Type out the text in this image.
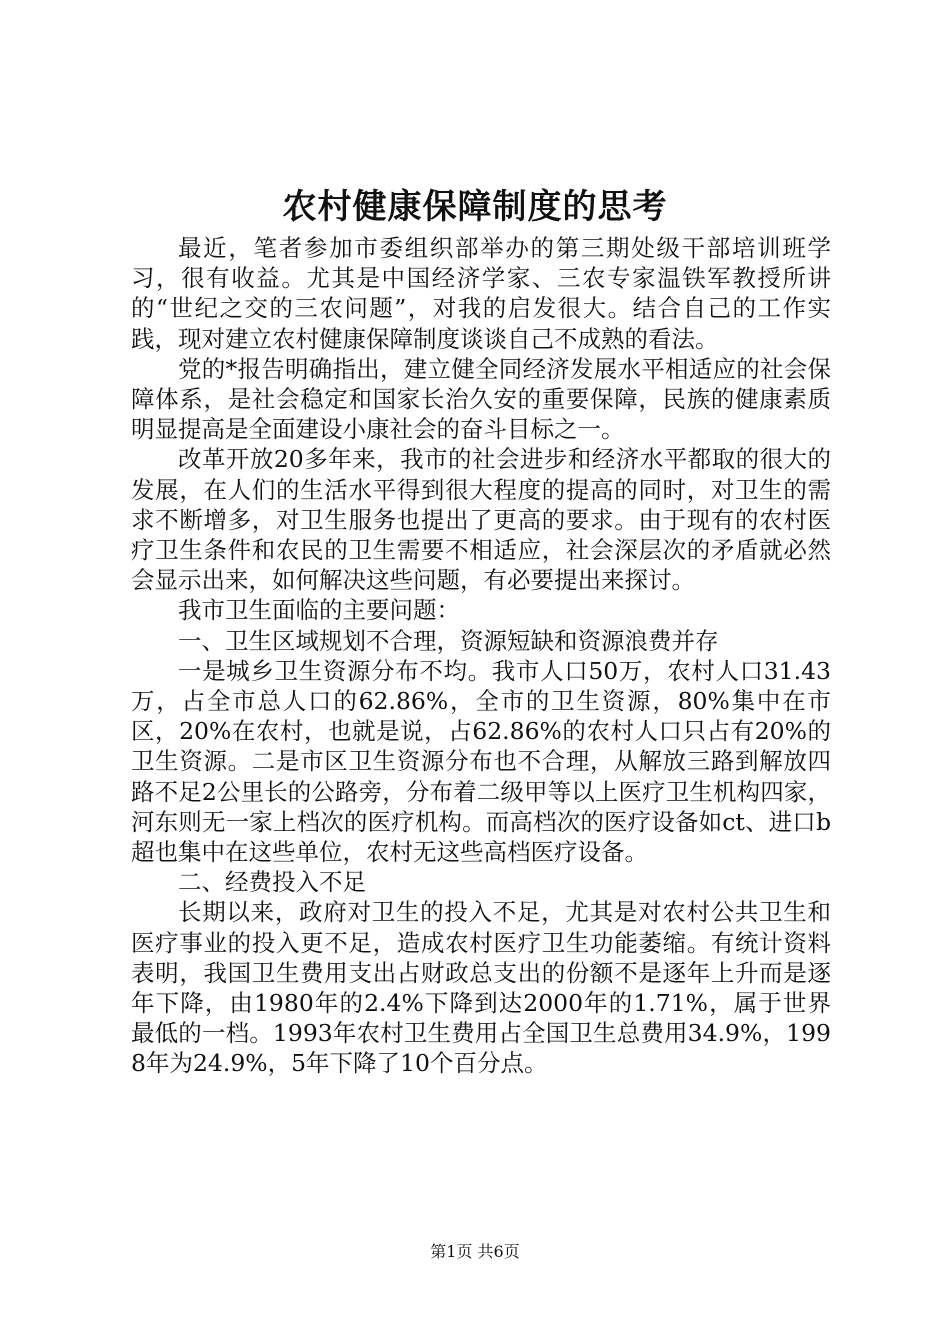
农村健康保障制度的思考

最近，笔者参加市委组织部举办的第三期处级干部培训班学习，很有收益。尤其是中国经济学家、三农专家温铁军教授所讲的“世纪之交的三农问题”，对我的启发很大。结合自己的工作实践，现对建立农村健康保障制度谈谈自己不成熟的看法。

党的*报告明确指出，建立健全同经济发展水平相适应的社会保障体系，是社会稳定和国家长治久安的重要保障，民族的健康素质明显提高是全面建设小康社会的奋斗目标之一。

改革开放20多年来，我市的社会进步和经济水平都取的很大的发展，在人们的生活水平得到很大程度的提高的同时，对卫生的需求不断增多，对卫生服务也提出了更高的要求。由于现有的农村医疗卫生条件和农民的卫生需要不相适应，社会深层次的矛盾就必然会显示出来，如何解决这些问题，有必要提出来探讨。

我市卫生面临的主要问题：

一、卫生区域规划不合理，资源短缺和资源浪费并存

一是城乡卫生资源分布不均。我市人口50万，农村人口31.43万，占全市总人口的62.86%，全市的卫生资源，80%集中在市区，20%在农村，也就是说，占62.86%的农村人口只占有20%的卫生资源。二是市区卫生资源分布也不合理，从解放三路到解放四路不足2公里长的公路旁，分布着二级甲等以上医疗卫生机构四家，河东则无一家上档次的医疗机构。而高档次的医疗设备如ct、进口b超也集中在这些单位，农村无这些高档医疗设备。

二、经费投入不足

长期以来，政府对卫生的投入不足，尤其是对农村公共卫生和医疗事业的投入更不足，造成农村医疗卫生功能萎缩。有统计资料表明，我国卫生费用支出占财政总支出的份额不是逐年上升而是逐年下降，由1980年的2.4%下降到达2000年的1.71%，属于世界最低的一档。1993年农村卫生费用占全国卫生总费用34.9%，1998年为24.9%，5年下降了10个百分点。

第1页 共6页
